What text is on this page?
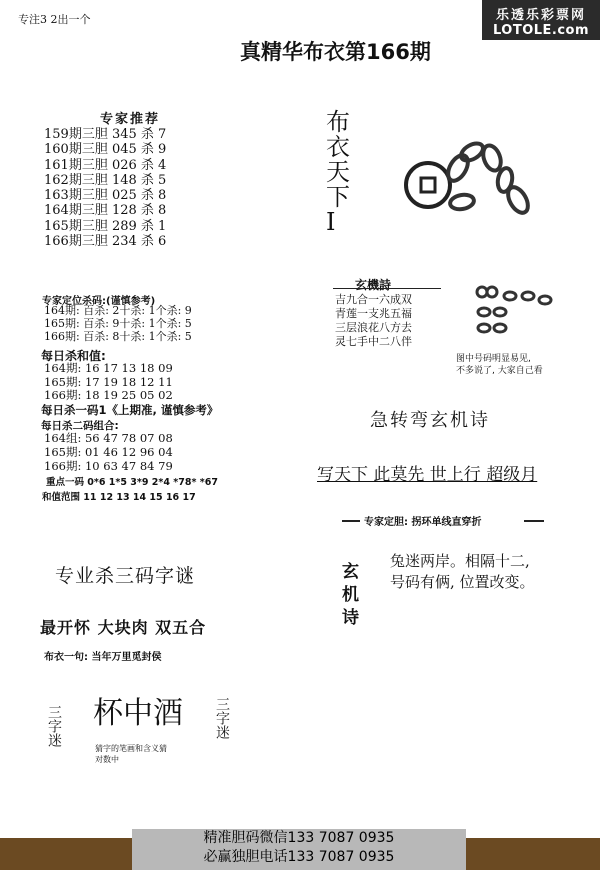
乐透乐彩票网
LOTOLE.com
专注3 2出一个
真精华布衣第166期
专家推荐
159期三胆 345 杀 7
160期三胆 045 杀 9
161期三胆 026 杀 4
162期三胆 148 杀 5
163期三胆 025 杀 8
164期三胆 128 杀 8
165期三胆 289 杀 1
166期三胆 234 杀 6
专家定位杀码:(谨慎参考)
164期: 百杀: 2十杀: 1个杀: 9
165期: 百杀: 9十杀: 1个杀: 5
166期: 百杀: 8十杀: 1个杀: 5
每日杀和值:
164期: 16 17 13 18 09
165期: 17 19 18 12 11
166期: 18 19 25 05 02
每日杀一码1《上期准, 谨慎参考》
每日杀二码组合:
164组: 56 47 78 07 08
165期: 01 46 12 96 04
166期: 10 63 47 84 79
重点一码 0*6 1*5 3*9 2*4 *78* *67
和值范围 11 12 13 14 15 16 17
布衣天下I
玄機詩
吉九合一六成双
青莲一支兆五福
三层浪花八方去
灵七手中二八伴
图中号码明显易见,
不多说了, 大家自己看
急转弯玄机诗
写天下 此莫先 世上行 超级月
专家定胆: 拐环单线直穿折
玄机诗
兔迷两岸。相隔十二,
号码有俩, 位置改变。
专业杀三码字谜
最开怀 大块肉 双五合
布衣一句: 当年万里觅封侯
三字迷 杯中酒 三字迷
猜字的笔画和含义猜
对数中
精准胆码微信133 7087 0935
必赢独胆电话133 7087 0935
